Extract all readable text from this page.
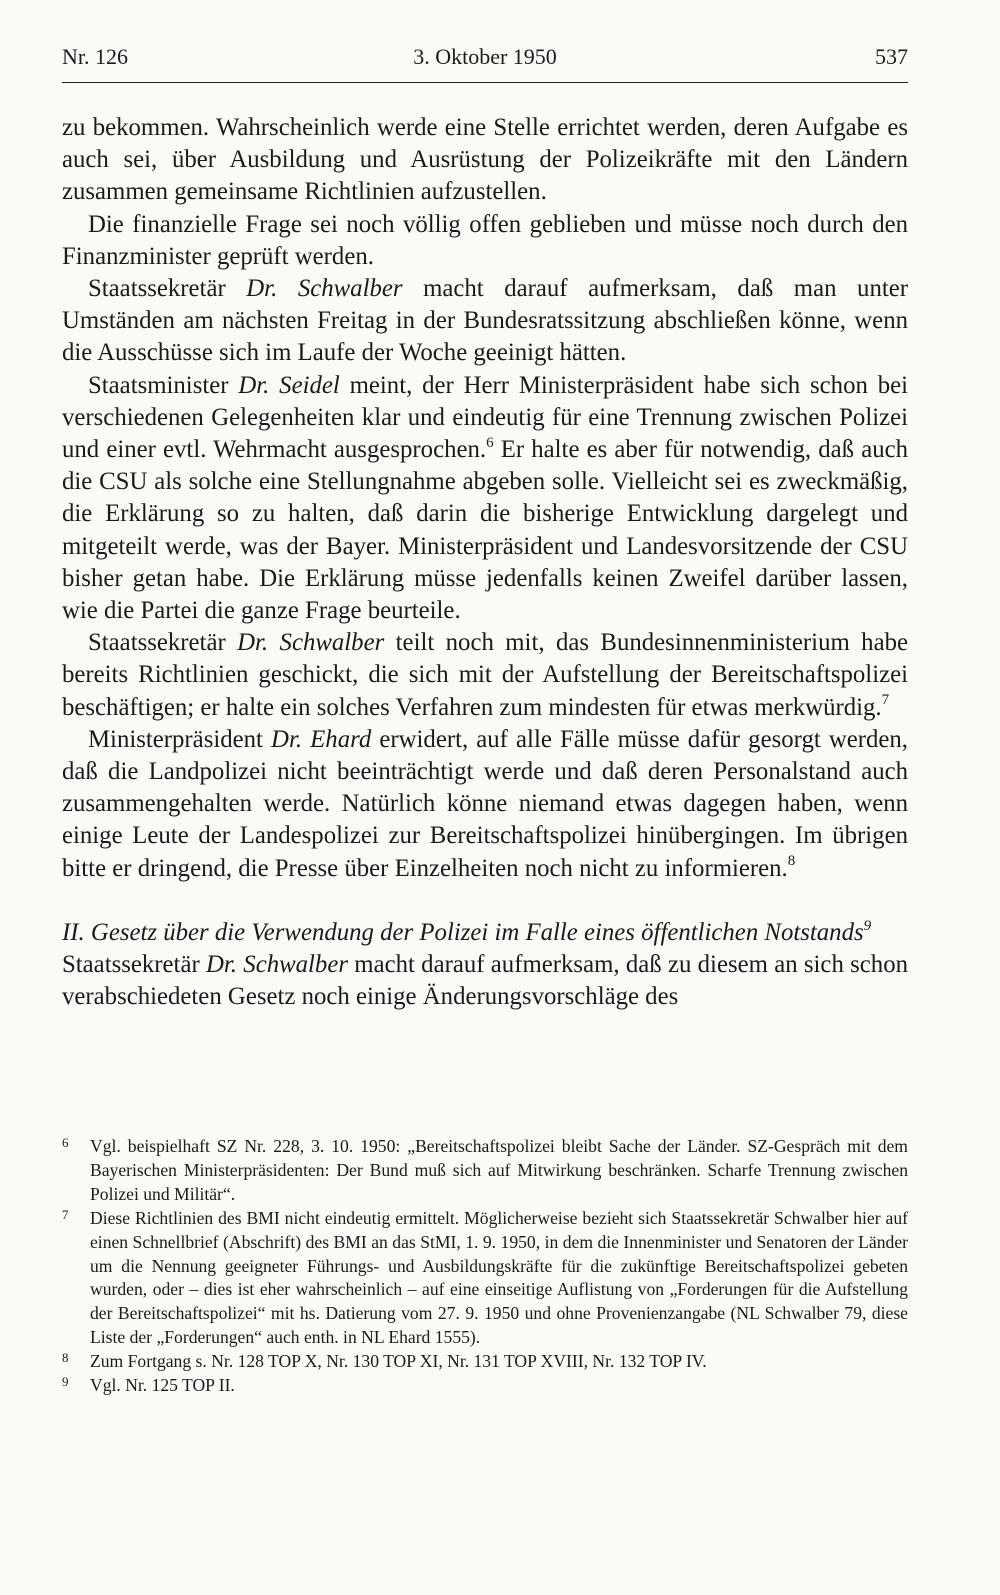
Nr. 126	3. Oktober 1950	537

zu bekommen. Wahrscheinlich werde eine Stelle errichtet werden, deren Aufgabe es auch sei, über Ausbildung und Ausrüstung der Polizeikräfte mit den Ländern zusammen gemeinsame Richtlinien aufzustellen.

Die finanzielle Frage sei noch völlig offen geblieben und müsse noch durch den Finanzminister geprüft werden.

Staatssekretär Dr. Schwalber macht darauf aufmerksam, daß man unter Umständen am nächsten Freitag in der Bundesratssitzung abschließen könne, wenn die Ausschüsse sich im Laufe der Woche geeinigt hätten.

Staatsminister Dr. Seidel meint, der Herr Ministerpräsident habe sich schon bei verschiedenen Gelegenheiten klar und eindeutig für eine Trennung zwischen Polizei und einer evtl. Wehrmacht ausgesprochen.$^6$ Er halte es aber für notwendig, daß auch die CSU als solche eine Stellungnahme abgeben solle. Vielleicht sei es zweckmäßig, die Erklärung so zu halten, daß darin die bisherige Entwicklung dargelegt und mitgeteilt werde, was der Bayer. Ministerpräsident und Landesvorsitzende der CSU bisher getan habe. Die Erklärung müsse jedenfalls keinen Zweifel darüber lassen, wie die Partei die ganze Frage beurteile.

Staatssekretär Dr. Schwalber teilt noch mit, das Bundesinnenministerium habe bereits Richtlinien geschickt, die sich mit der Aufstellung der Bereitschaftspolizei beschäftigen; er halte ein solches Verfahren zum mindesten für etwas merkwürdig.$^7$

Ministerpräsident Dr. Ehard erwidert, auf alle Fälle müsse dafür gesorgt werden, daß die Landpolizei nicht beeinträchtigt werde und daß deren Personalstand auch zusammengehalten werde. Natürlich könne niemand etwas dagegen haben, wenn einige Leute der Landespolizei zur Bereitschaftspolizei hinübergingen. Im übrigen bitte er dringend, die Presse über Einzelheiten noch nicht zu informieren.$^8$

II. Gesetz über die Verwendung der Polizei im Falle eines öffentlichen Notstands$^9$

Staatssekretär Dr. Schwalber macht darauf aufmerksam, daß zu diesem an sich schon verabschiedeten Gesetz noch einige Änderungsvorschläge des

6 Vgl. beispielhaft SZ Nr. 228, 3. 10. 1950: „Bereitschaftspolizei bleibt Sache der Länder. SZ-Gespräch mit dem Bayerischen Ministerpräsidenten: Der Bund muß sich auf Mitwirkung beschränken. Scharfe Trennung zwischen Polizei und Militär“.

7 Diese Richtlinien des BMI nicht eindeutig ermittelt. Möglicherweise bezieht sich Staatssekretär Schwalber hier auf einen Schnellbrief (Abschrift) des BMI an das StMI, 1. 9. 1950, in dem die Innenminister und Senatoren der Länder um die Nennung geeigneter Führungs- und Ausbildungskräfte für die zukünftige Bereitschaftspolizei gebeten wurden, oder – dies ist eher wahrscheinlich – auf eine einseitige Auflistung von „Forderungen für die Aufstellung der Bereitschaftspolizei“ mit hs. Datierung vom 27. 9. 1950 und ohne Provenienzangabe (NL Schwalber 79, diese Liste der „Forderungen“ auch enth. in NL Ehard 1555).

8 Zum Fortgang s. Nr. 128 TOP X, Nr. 130 TOP XI, Nr. 131 TOP XVIII, Nr. 132 TOP IV.

9 Vgl. Nr. 125 TOP II.
